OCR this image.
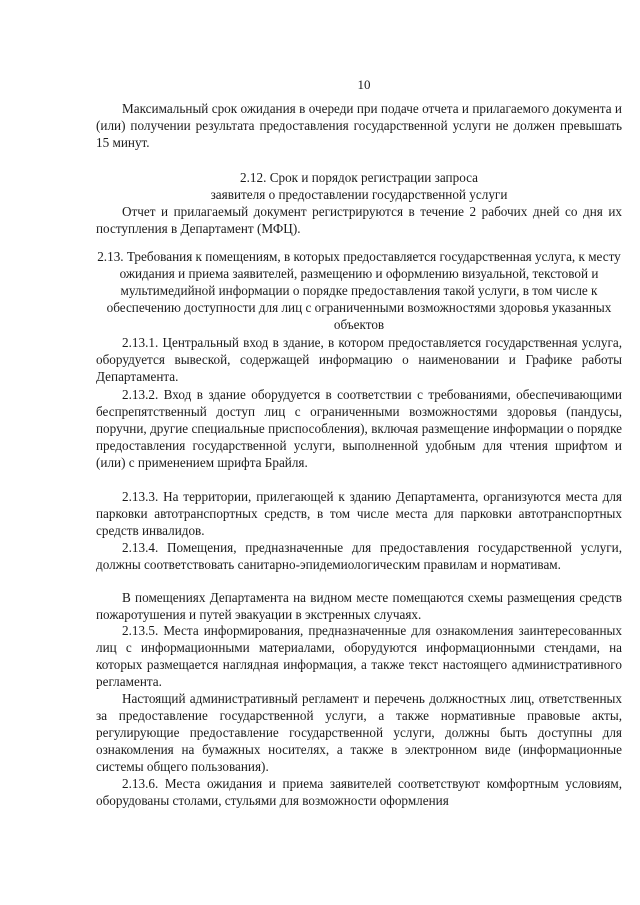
10

Максимальный срок ожидания в очереди при подаче отчета и прилагаемого документа и (или) получении результата предоставления государственной услуги не должен превышать 15 минут.

2.12. Срок и порядок регистрации запроса

заявителя о предоставлении государственной услуги

Отчет и прилагаемый документ регистрируются в течение 2 рабочих дней со дня их поступления в Департамент (МФЦ).

2.13. Требования к помещениям, в которых предоставляется государственная услуга, к месту ожидания и приема заявителей, размещению и оформлению визуальной, текстовой и мультимедийной информации о порядке предоставления такой услуги, в том числе к обеспечению доступности для лиц с ограниченными возможностями здоровья указанных объектов

2.13.1. Центральный вход в здание, в котором предоставляется государственная услуга, оборудуется вывеской, содержащей информацию о наименовании и Графике работы Департамента.

2.13.2. Вход в здание оборудуется в соответствии с требованиями, обеспечивающими беспрепятственный доступ лиц с ограниченными возможностями здоровья (пандусы, поручни, другие специальные приспособления), включая размещение информации о порядке предоставления государственной услуги, выполненной удобным для чтения шрифтом и (или) с применением шрифта Брайля.

2.13.3. На территории, прилегающей к зданию Департамента, организуются места для парковки автотранспортных средств, в том числе места для парковки автотранспортных средств инвалидов.

2.13.4. Помещения, предназначенные для предоставления государственной услуги, должны соответствовать санитарно-эпидемиологическим правилам и нормативам.

В помещениях Департамента на видном месте помещаются схемы размещения средств пожаротушения и путей эвакуации в экстренных случаях.

2.13.5. Места информирования, предназначенные для ознакомления заинтересованных лиц с информационными материалами, оборудуются информационными стендами, на которых размещается наглядная информация, а также текст настоящего административного регламента.

Настоящий административный регламент и перечень должностных лиц, ответственных за предоставление государственной услуги, а также нормативные правовые акты, регулирующие предоставление государственной услуги, должны быть доступны для ознакомления на бумажных носителях, а также в электронном виде (информационные системы общего пользования).

2.13.6. Места ожидания и приема заявителей соответствуют комфортным условиям, оборудованы столами, стульями для возможности оформления
